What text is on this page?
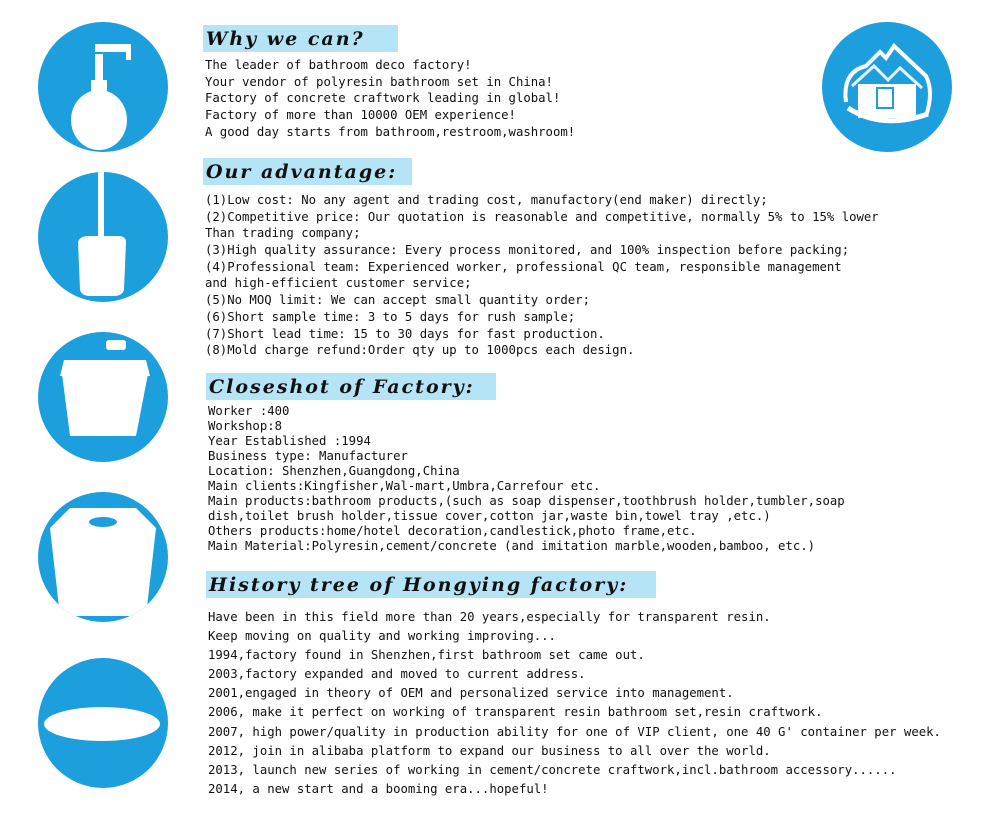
Why we can?
The leader of bathroom deco factory!
Your vendor of polyresin bathroom set in China!
Factory of concrete craftwork leading in global!
Factory of more than 10000 OEM experience!
A good day starts from bathroom,restroom,washroom!
Our advantage:
(1)Low cost: No any agent and trading cost, manufactory(end maker) directly;
(2)Competitive price: Our quotation is reasonable and competitive, normally 5% to 15% lower
Than trading company;
(3)High quality assurance: Every process monitored, and 100% inspection before packing;
(4)Professional team: Experienced worker, professional QC team, responsible management
and high-efficient customer service;
(5)No MOQ limit: We can accept small quantity order;
(6)Short sample time: 3 to 5 days for rush sample;
(7)Short lead time: 15 to 30 days for fast production.
(8)Mold charge refund:Order qty up to 1000pcs each design.
Closeshot of Factory:
Worker :400
Workshop:8
Year Established :1994
Business type: Manufacturer
Location: Shenzhen,Guangdong,China
Main clients:Kingfisher,Wal-mart,Umbra,Carrefour etc.
Main products:bathroom products,(such as soap dispenser,toothbrush holder,tumbler,soap
dish,toilet brush holder,tissue cover,cotton jar,waste bin,towel tray ,etc.)
Others products:home/hotel decoration,candlestick,photo frame,etc.
Main Material:Polyresin,cement/concrete (and imitation marble,wooden,bamboo, etc.)
History tree of Hongying factory:
Have been in this field more than 20 years,especially for transparent resin.
Keep moving on quality and working improving...
1994,factory found in Shenzhen,first bathroom set came out.
2003,factory expanded and moved to current address.
2001,engaged in theory of OEM and personalized service into management.
2006, make it perfect on working of transparent resin bathroom set,resin craftwork.
2007, high power/quality in production ability for one of VIP client, one 40 G' container per week.
2012, join in alibaba platform to expand our business to all over the world.
2013, launch new series of working in cement/concrete craftwork,incl.bathroom accessory......
2014, a new start and a booming era...hopeful!
